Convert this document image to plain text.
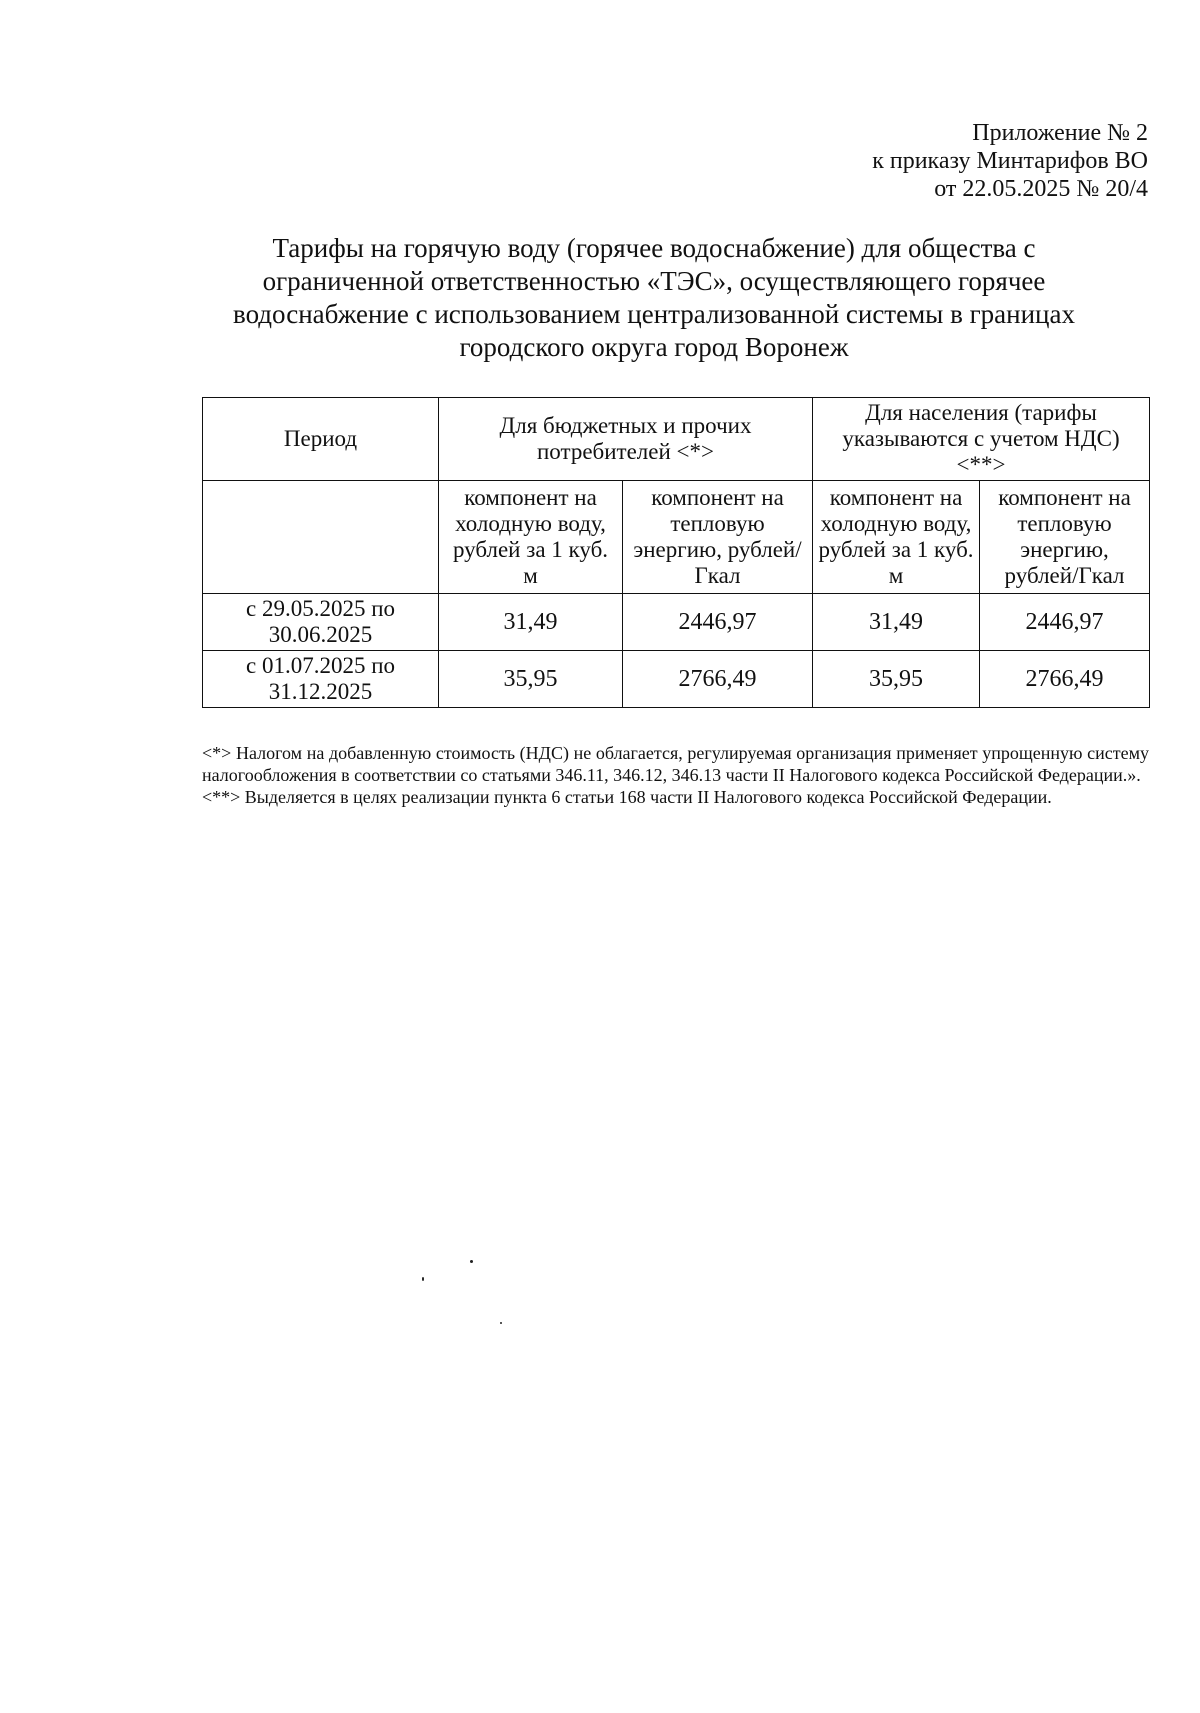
Приложение № 2
к приказу Минтарифов ВО
от 22.05.2025 № 20/4
Тарифы на горячую воду (горячее водоснабжение) для общества с
ограниченной ответственностью «ТЭС», осуществляющего горячее
водоснабжение с использованием централизованной системы в границах
городского округа город Воронеж
Период	Для бюджетных и прочих потребителей <*>		Для населения (тарифы указываются с учетом НДС) <**>	
	компонент на холодную воду, рублей за 1 куб. м	компонент на тепловую энергию, рублей/Гкал	компонент на холодную воду, рублей за 1 куб. м	компонент на тепловую энергию, рублей/Гкал
с 29.05.2025 по 30.06.2025	31,49	2446,97	31,49	2446,97
с 01.07.2025 по 31.12.2025	35,95	2766,49	35,95	2766,49

<*> Налогом на добавленную стоимость (НДС) не облагается, регулируемая организация применяет упрощенную систему налогообложения в соответствии со статьями 346.11, 346.12, 346.13 части II Налогового кодекса Российской Федерации.».

<**> Выделяется в целях реализации пункта 6 статьи 168 части II Налогового кодекса Российской Федерации.
